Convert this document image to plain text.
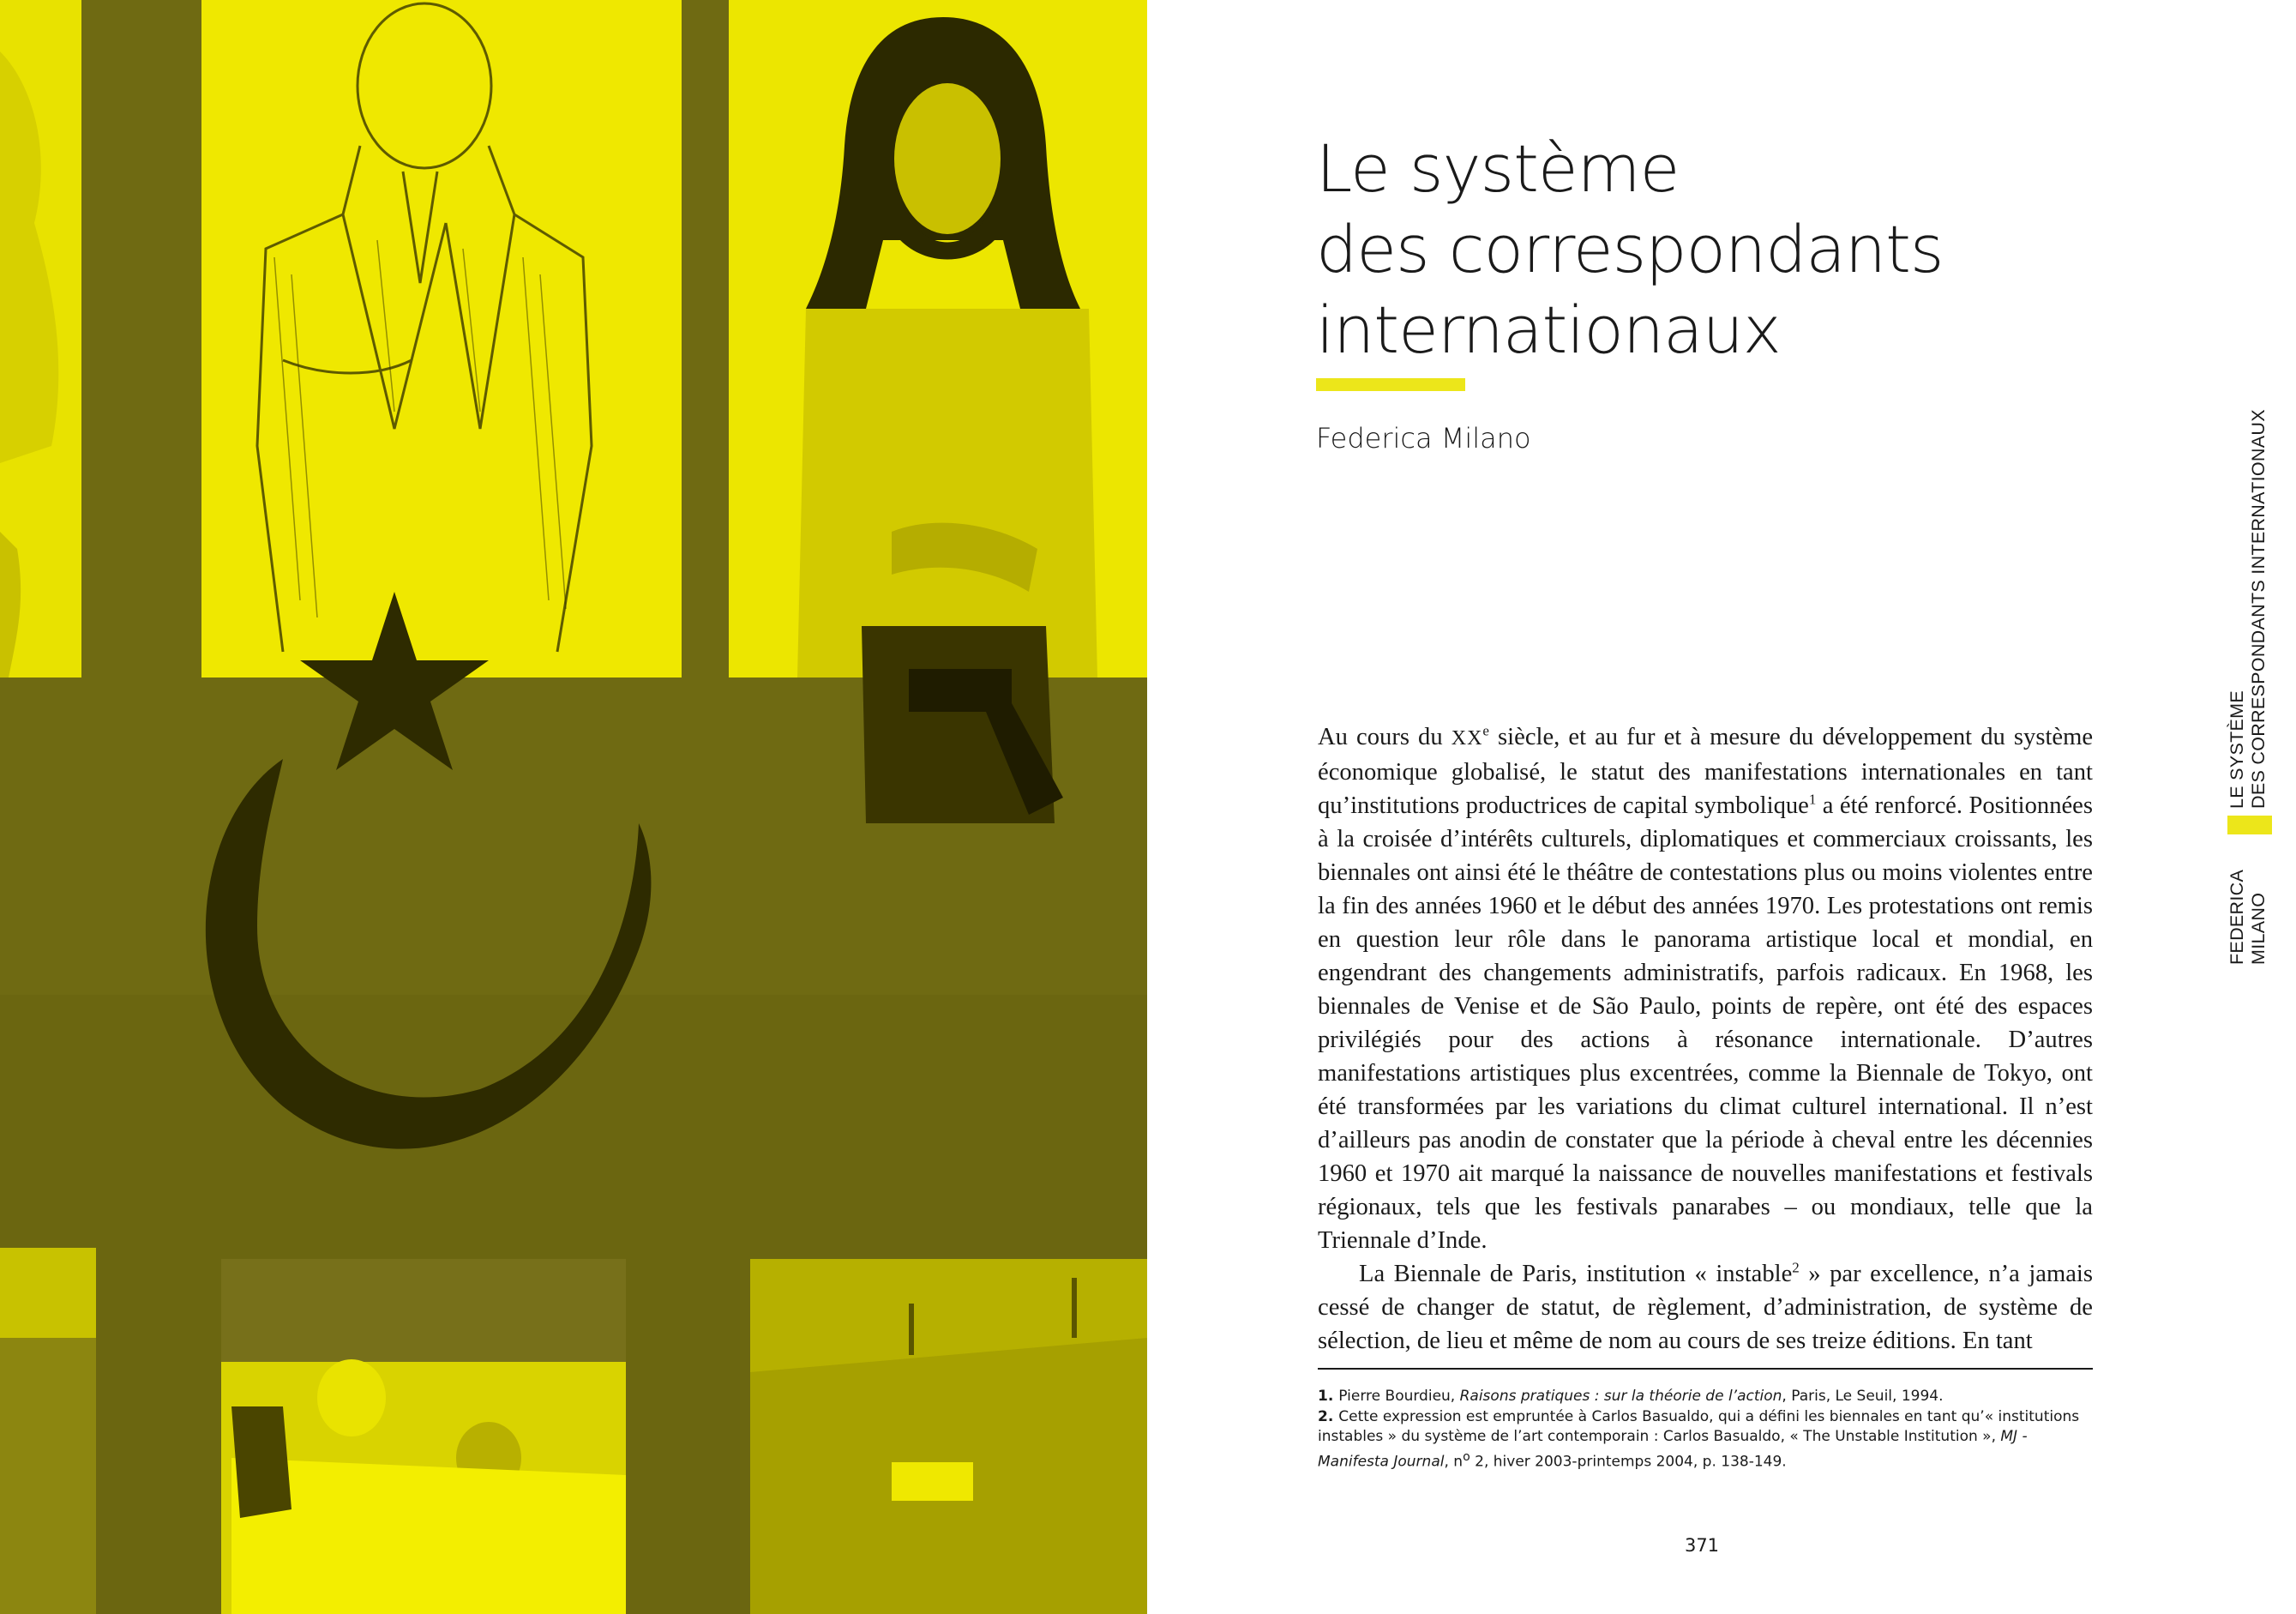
Le système
des correspondants
internationaux
Federica Milano
FEDERICA MILANO
LE SYSTÈME DES CORRESPONDANTS INTERNATIONAUX

Au cours du XXe siècle, et au fur et à mesure du développement du système économique globalisé, le statut des manifestations internationales en tant qu’institutions productrices de capital symbolique$^1$ a été renforcé. Positionnées à la croisée d’intérêts culturels, diplomatiques et commerciaux croissants, les biennales ont ainsi été le théâtre de contestations plus ou moins violentes entre la fin des années 1960 et le début des années 1970. Les protestations ont remis en question leur rôle dans le panorama artistique local et mondial, en engendrant des changements administratifs, parfois radicaux. En 1968, les biennales de Venise et de São Paulo, points de repère, ont été des espaces privilégiés pour des actions à résonance internationale. D’autres manifestations artistiques plus excentrées, comme la Biennale de Tokyo, ont été transformées par les variations du climat culturel international. Il n’est d’ailleurs pas anodin de constater que la période à cheval entre les décennies 1960 et 1970 ait marqué la naissance de nouvelles manifestations et festivals régionaux, tels que les festivals panarabes – ou mondiaux, telle que la Triennale d’Inde.

La Biennale de Paris, institution « instable$^2$ » par excellence, n’a jamais cessé de changer de statut, de règlement, d’administration, de système de sélection, de lieu et même de nom au cours de ses treize éditions. En tant

1. Pierre Bourdieu, Raisons pratiques : sur la théorie de l’action, Paris, Le Seuil, 1994.

2. Cette expression est empruntée à Carlos Basualdo, qui a défini les biennales en tant qu’« institutions instables » du système de l’art contemporain : Carlos Basualdo, « The Unstable Institution », MJ - Manifesta Journal, $n^o$ 2, hiver 2003-printemps 2004, p. 138-149.

371
